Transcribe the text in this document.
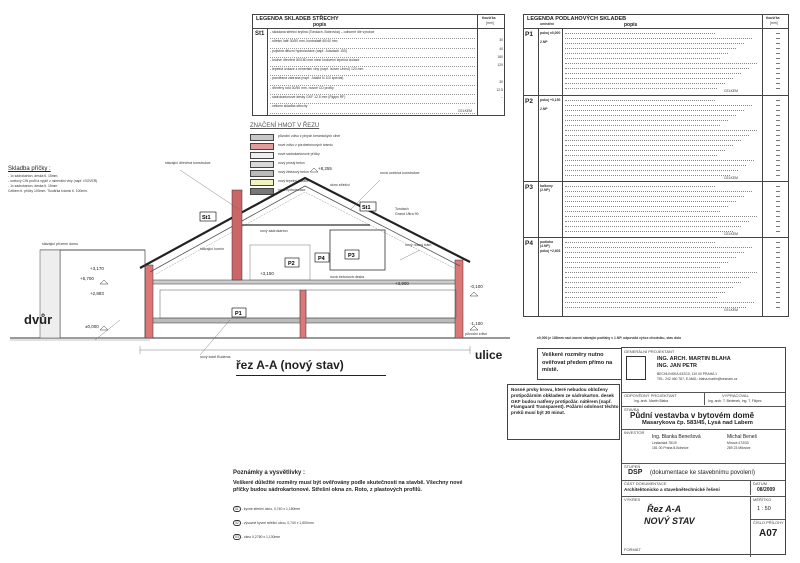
LEGENDA SKLADEB STŘECHY
popis
tloušťka
[mm]
St1 - skládaná střešní krytina (Tondach, Bobrovka) – odborně dle výrobce
- střešní latě 30/50 mm, kontralatě 60/40 mm
- pojistná difuzní hydroizolace (např. Jutadach 150)
- krokve dřevěné 80/180 mm mezi krokvemi tepelná izolace
- tepelná izolace z minerální vlny (např. Isover Unirol) 120 mm
- parotěsná zábrana (např. Jutafol N 110 special)
- dřevěný rošt 30/50 mm, nosné CD profily
- sádrokartonové desky GKF 12,5 mm (Rigips RF)
- celkem skladba střechy
30
40
180
120
30
12.5
~
CELKEM
LEGENDA PODLAHOVÝCH SKLADEB
umístění	popis
tloušťka
[mm]
P1 pokoj ±0,000
2.NP
CELKEM
P2 pokoj +0,150
2.NP
CELKEM
P3 balkony (2.NP)
CELKEM
P4 podlaha (4.NP)
pokoj +2,603
CELKEM
ZNAČENÍ HMOT V ŘEZU
původní zdivo z plných keramických cihel
nové zdivo z pórobetonových tvárnic
nové sádrokartonové příčky
nový prostý beton
nový železový beton
nový tepelný izolace
nová hydroizolace
Skladba příčky :
- 1x sádrokarton, deska tl. 15mm,
- ocelový CW profil a výplň z minerální vlny (např. ISOVER)
- 1x sádrokarton, deska tl. 15mm
Celkem tl. příčky 100mm. Tloušťka tvárnic tl. 100mm.
+8,255
+5,700
+3,900
+3,170
+2,883
±0,000
-0,100
-1,100
+3,150
P1
P2
P3
P4
St1
St1
stávající dřevěná konstrukce
nová ocelová konstrukce
nový nosný trám
okno střešní
Tondach
Grand Ultra 90
nový sádrokarton
stávající komín
stávající přízemí domu
nová betonová deska
nový kotel Buderus
původní zdivo
dvůr
ulice
řez A-A (nový stav)
Poznámky a vysvětlivky :
Veškeré důležité rozměry musí být ověřovány podle skutečnosti na stavbě. Všechny nové příčky budou sádrokartonové. Střešní okna zn. Roto, z plastových profilů.
01 - kyvné střešní okno, 0,740 x 1,180mm
02 - výsuvně kyvné střešní okno, 0,740 x 1,600mm
03 - okno 0,2780 x 1,130mm
Veškeré rozměry nutno ověřovat předem přímo na místě.
Nosné prvky krovu, které nebudou obloženy protipožárním obkladem ze sádrokarton. desek GKF budou natřeny protipožár. nátěrem (např. Flamguard Transparent). Požární odolnost těchto prvků musí být 30 minut.
±0,000 je 188mm nad úrovní stávající podlahy v 1.NP, odpovídá výšce chodníku, stav dolu
GENERÁLNÍ PROJEKTANT
ING. ARCH. MARTIN BLAHA
ING. JAN PETR
BECHLINSKÁ 632/10, 110 00 PRAHA 1
TEL: 242 460 787, E-MAIL: blaha.martin@seznam.cz
ODPOVĚDNÝ PROJEKTANT
Ing. arch. Martin Blaha
VYPRACOVAL
Ing. arch. T. Bedenek, ing. T. Filipec
STAVBA
Půdní vestavba v bytovém domě
Masarykova čp. 583/45, Lysá nad Labem
INVESTOR
Ing. Blanka Benešová
Lindavská 781/9
181 00 Praha 8-Bohnice
Michal Beneš
Mírová 473/33
289 23 Milovice
STUPEŇ
DSP (dokumentace ke stavebnímu povolení)
ČÁST DOKUMENTACE
Architektonicko a stavebnětechnické řešení
DATUM
08/2009
VÝKRES
Řez A-A
NOVÝ STAV
FORMÁT
MĚŘÍTKO
1 : 50
ČÍSLO PŘÍLOHY
A07
